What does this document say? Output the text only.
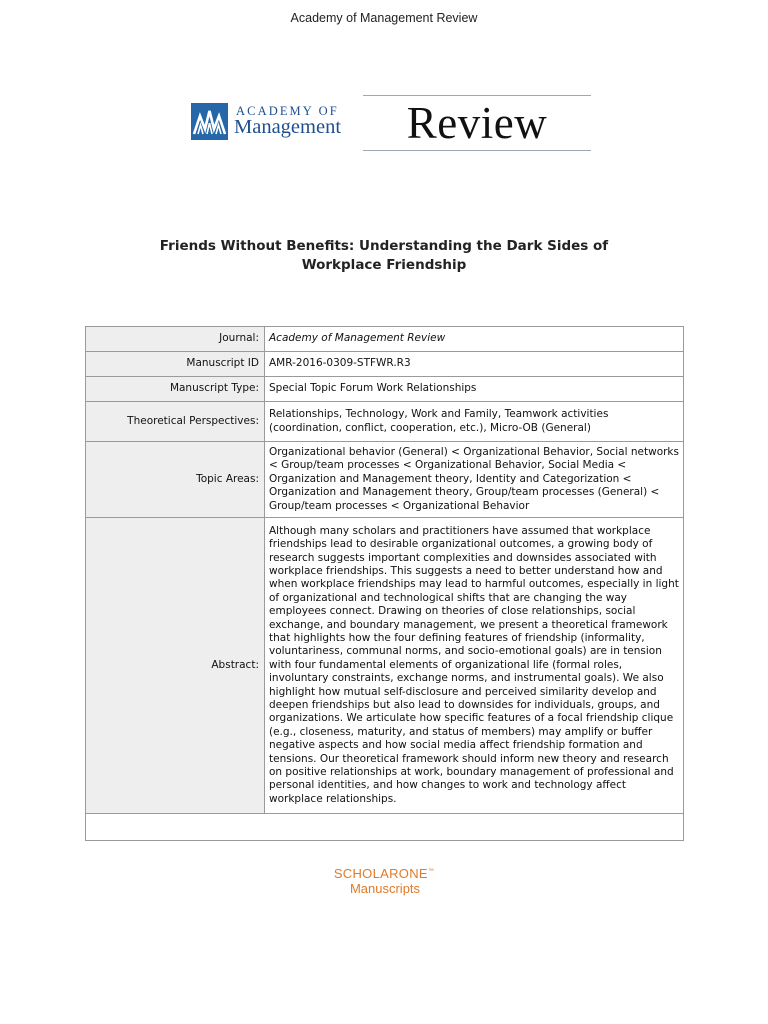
Academy of Management Review
ACADEMY OF
Management Review
Friends Without Benefits: Understanding the Dark Sides of
Workplace Friendship
Journal:	Academy of Management Review
Manuscript ID	AMR-2016-0309-STFWR.R3
Manuscript Type:	Special Topic Forum Work Relationships
Theoretical Perspectives:	Relationships, Technology, Work and Family, Teamwork activities (coordination, conflict, cooperation, etc.), Micro-OB (General)
Topic Areas:	Organizational behavior (General) < Organizational Behavior, Social networks < Group/team processes < Organizational Behavior, Social Media < Organization and Management theory, Identity and Categorization < Organization and Management theory, Group/team processes (General) < Group/team processes < Organizational Behavior
Abstract:	Although many scholars and practitioners have assumed that workplace friendships lead to desirable organizational outcomes, a growing body of research suggests important complexities and downsides associated with workplace friendships. This suggests a need to better understand how and when workplace friendships may lead to harmful outcomes, especially in light of organizational and technological shifts that are changing the way employees connect. Drawing on theories of close relationships, social exchange, and boundary management, we present a theoretical framework that highlights how the four defining features of friendship (informality, voluntariness, communal norms, and socio-emotional goals) are in tension with four fundamental elements of organizational life (formal roles, involuntary constraints, exchange norms, and instrumental goals). We also highlight how mutual self-disclosure and perceived similarity develop and deepen friendships but also lead to downsides for individuals, groups, and organizations. We articulate how specific features of a focal friendship clique (e.g., closeness, maturity, and status of members) may amplify or buffer negative aspects and how social media affect friendship formation and tensions. Our theoretical framework should inform new theory and research on positive relationships at work, boundary management of professional and personal identities, and how changes to work and technology affect workplace relationships.

SCHOLARONE™
Manuscripts
